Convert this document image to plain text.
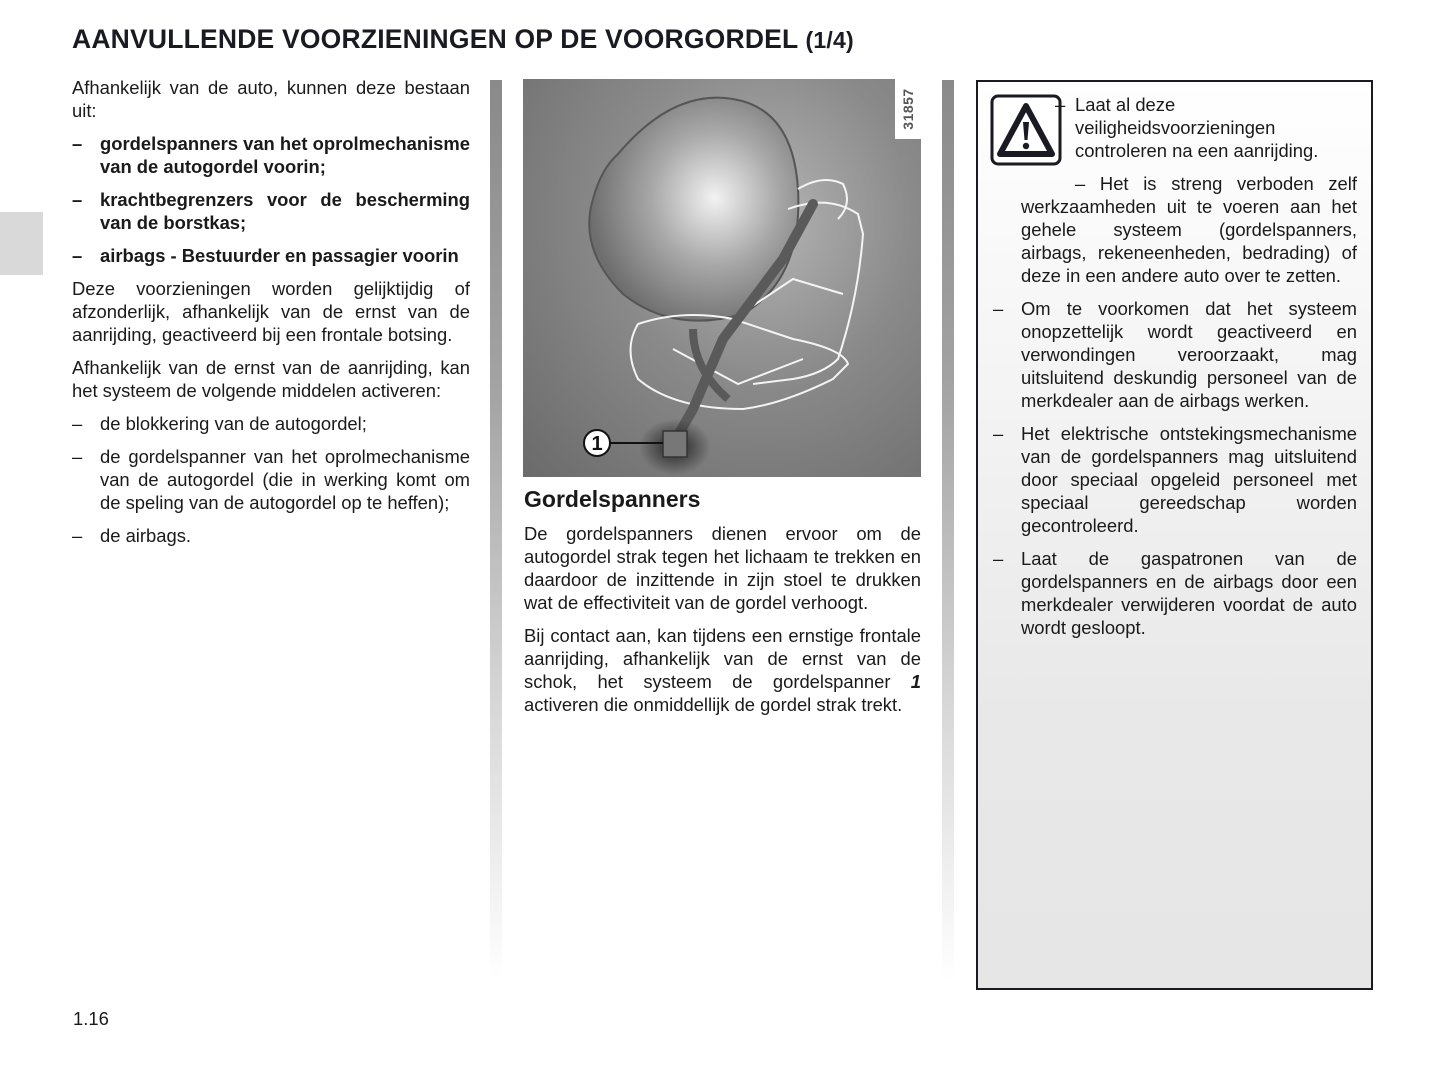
AANVULLENDE VOORZIENINGEN OP DE VOORGORDEL (1/4)

Afhankelijk van de auto, kunnen deze bestaan uit:

– gordelspanners van het oprolmechanisme van de autogordel voorin;
– krachtbegrenzers voor de bescherming van de borstkas;
– airbags - Bestuurder en passagier voorin

Deze voorzieningen worden gelijktijdig of afzonderlijk, afhankelijk van de ernst van de aanrijding, geactiveerd bij een frontale botsing.

Afhankelijk van de ernst van de aanrijding, kan het systeem de volgende middelen activeren:

– de blokkering van de autogordel;
– de gordelspanner van het oprolmechanisme van de autogordel (die in werking komt om de speling van de autogordel op te heffen);
– de airbags.
1
31857
Gordelspanners

De gordelspanners dienen ervoor om de autogordel strak tegen het lichaam te trekken en daardoor de inzittende in zijn stoel te drukken wat de effectiviteit van de gordel verhoogt.

Bij contact aan, kan tijdens een ernstige frontale aanrijding, afhankelijk van de ernst van de schok, het systeem de gordelspanner 1 activeren die onmiddellijk de gordel strak trekt.

– Laat al deze veiligheidsvoorzieningen controleren na een aanrijding.

– Het is streng verboden zelf werkzaamheden uit te voeren aan het gehele systeem (gordelspanners, airbags, rekeneenheden, bedrading) of deze in een andere auto over te zetten.

– Om te voorkomen dat het systeem onopzettelijk wordt geactiveerd en verwondingen veroorzaakt, mag uitsluitend deskundig personeel van de merkdealer aan de airbags werken.
– Het elektrische ontstekingsmechanisme van de gordelspanners mag uitsluitend door speciaal opgeleid personeel met speciaal gereedschap worden gecontroleerd.
– Laat de gaspatronen van de gordelspanners en de airbags door een merkdealer verwijderen voordat de auto wordt gesloopt.
1.16
